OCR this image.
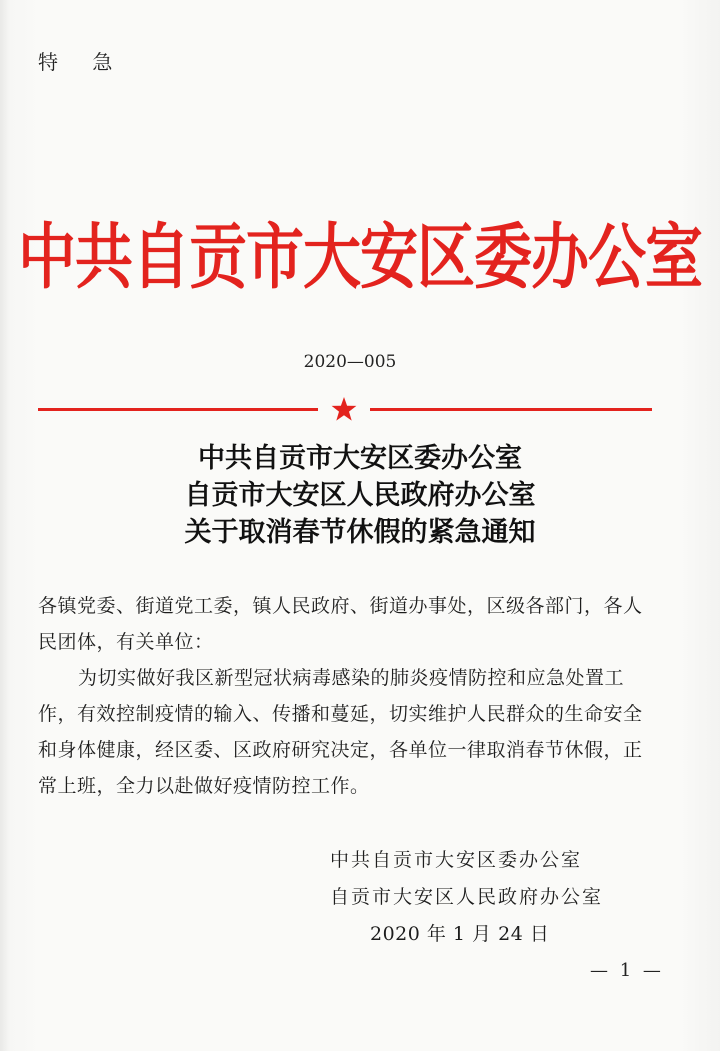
特 急
中共自贡市大安区委办公室
2020—005
中共自贡市大安区委办公室
自贡市大安区人民政府办公室
关于取消春节休假的紧急通知

各镇党委、街道党工委，镇人民政府、街道办事处，区级各部门，各人民团体，有关单位：

为切实做好我区新型冠状病毒感染的肺炎疫情防控和应急处置工作，有效控制疫情的输入、传播和蔓延，切实维护人民群众的生命安全和身体健康，经区委、区政府研究决定，各单位一律取消春节休假，正常上班，全力以赴做好疫情防控工作。

中共自贡市大安区委办公室
自贡市大安区人民政府办公室
2020 年 1 月 24 日
— 1 —
